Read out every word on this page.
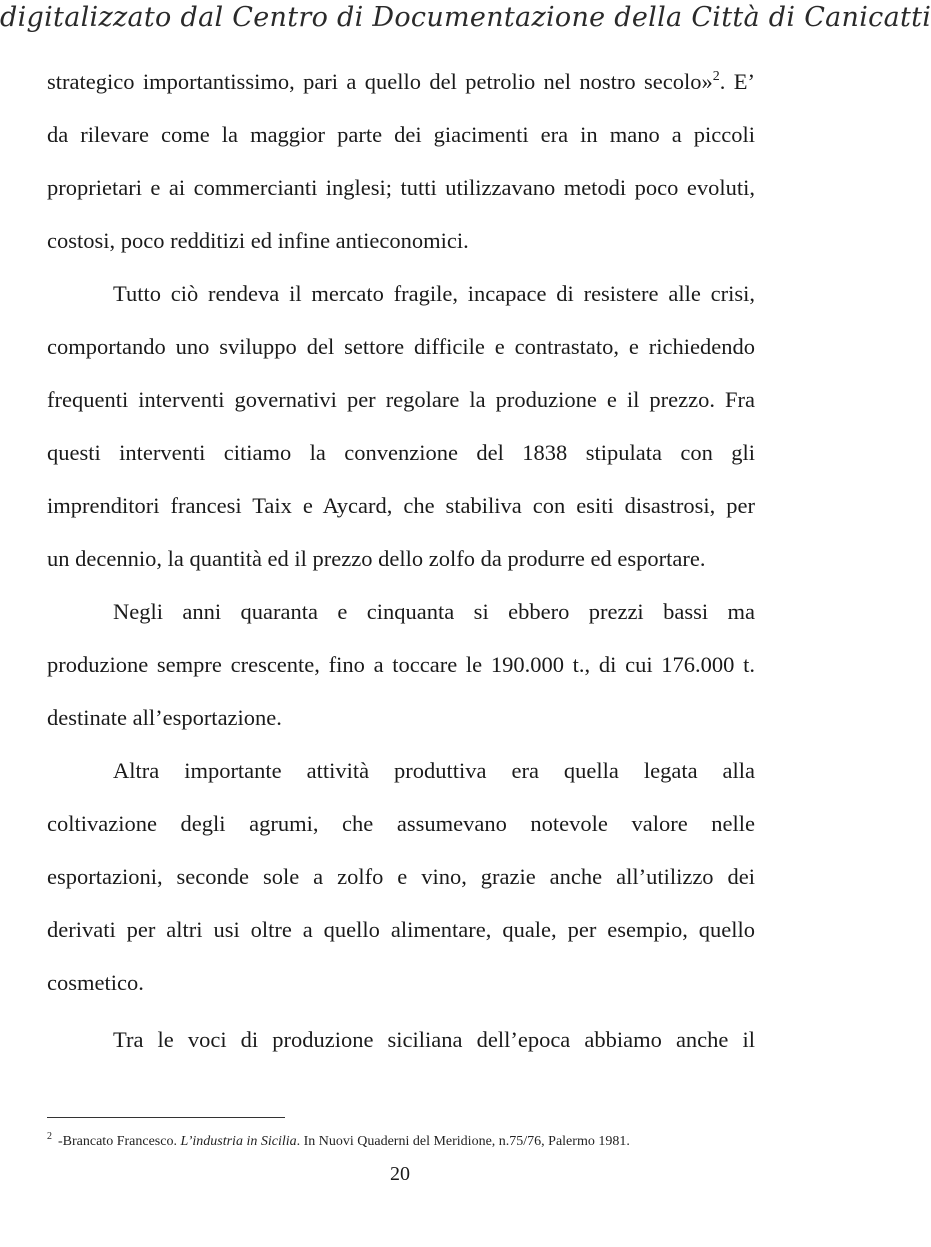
digitalizzato dal Centro di Documentazione della Città di Canicatti
strategico importantissimo, pari a quello del petrolio nel nostro secolo»$^2$. E’
da rilevare come la maggior parte dei giacimenti era in mano a piccoli
proprietari e ai commercianti inglesi; tutti utilizzavano metodi poco evoluti,
costosi, poco redditizi ed infine antieconomici.
Tutto ciò rendeva il mercato fragile, incapace di resistere alle crisi,
comportando uno sviluppo del settore difficile e contrastato, e richiedendo
frequenti interventi governativi per regolare la produzione e il prezzo. Fra
questi interventi citiamo la convenzione del 1838 stipulata con gli
imprenditori francesi Taix e Aycard, che stabiliva con esiti disastrosi, per
un decennio, la quantità ed il prezzo dello zolfo da produrre ed esportare.
Negli anni quaranta e cinquanta si ebbero prezzi bassi ma
produzione sempre crescente, fino a toccare le 190.000 t., di cui 176.000 t.
destinate all’esportazione.
Altra importante attività produttiva era quella legata alla
coltivazione degli agrumi, che assumevano notevole valore nelle
esportazioni, seconde sole a zolfo e vino, grazie anche all’utilizzo dei
derivati per altri usi oltre a quello alimentare, quale, per esempio, quello
cosmetico.
Tra le voci di produzione siciliana dell’epoca abbiamo anche il
$^2$ -Brancato Francesco. L’industria in Sicilia. In Nuovi Quaderni del Meridione, n.75/76, Palermo 1981.
20
